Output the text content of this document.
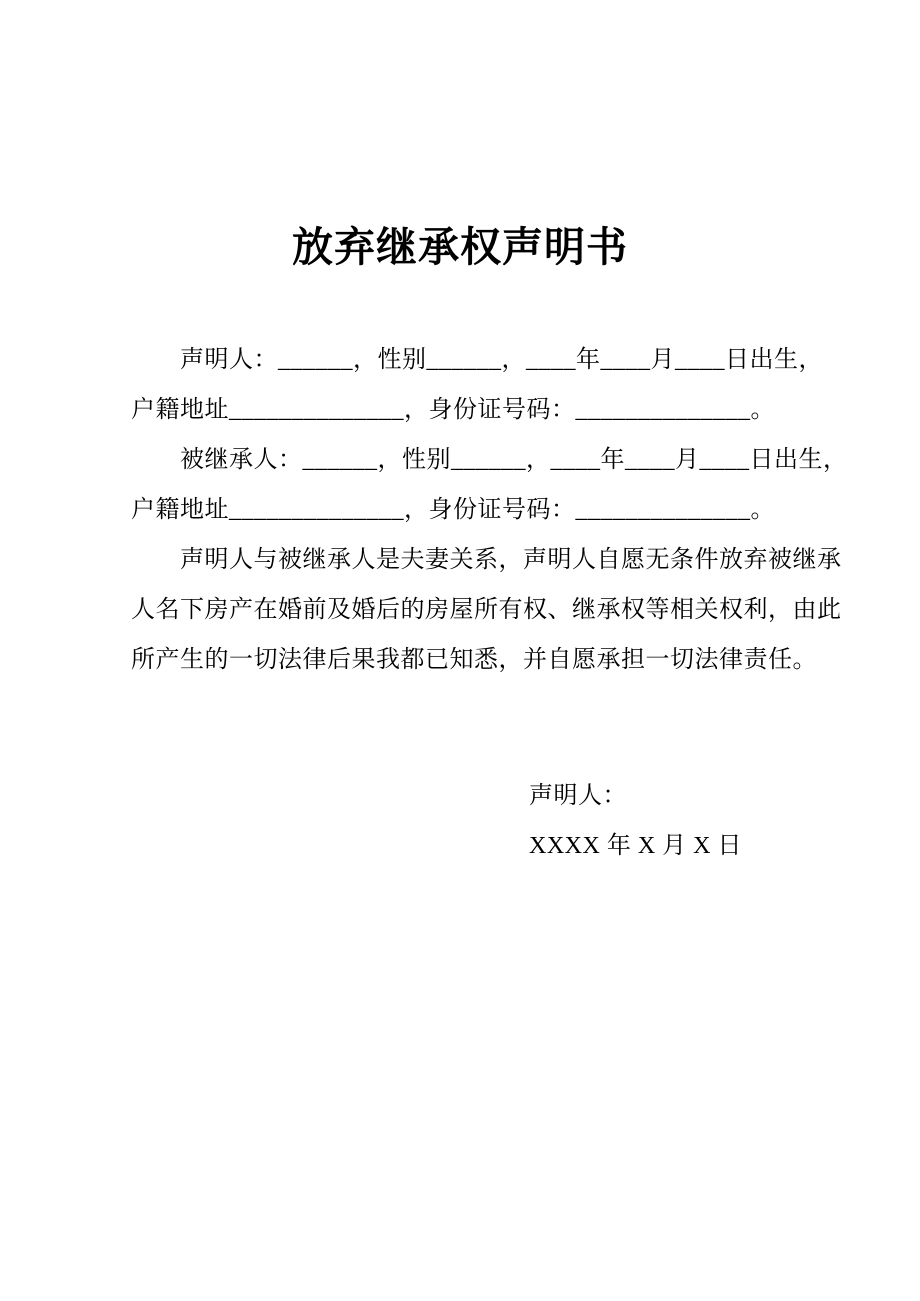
放弃继承权声明书

　　声明人：______，性别______，____年____月____日出生，
户籍地址______________，身份证号码：______________。

　　被继承人：______，性别______，____年____月____日出生，
户籍地址______________，身份证号码：______________。

　　声明人与被继承人是夫妻关系，声明人自愿无条件放弃被继承
人名下房产在婚前及婚后的房屋所有权、继承权等相关权利，由此
所产生的一切法律后果我都已知悉，并自愿承担一切法律责任。

声明人：
XXXX 年 X 月 X 日
